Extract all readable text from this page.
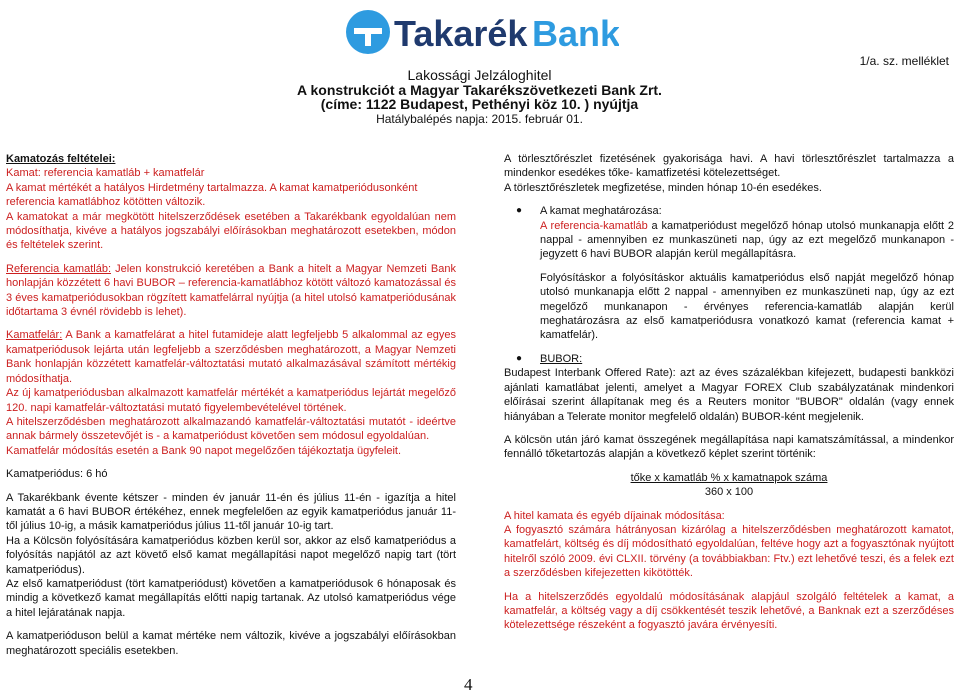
Takarék Bank
1/a. sz. melléklet
Lakossági Jelzáloghitel
A konstrukciót a Magyar Takarékszövetkezeti Bank Zrt.
(címe: 1122 Budapest, Pethényi köz 10. ) nyújtja
Hatálybalépés napja: 2015. február 01.

Kamatozás feltételei:

Kamat: referencia kamatláb + kamatfelár

A kamat mértékét a hatályos Hirdetmény tartalmazza. A kamat kamatperiódusonként referencia kamatlábhoz kötötten változik.

A kamatokat a már megkötött hitelszerződések esetében a Takarékbank egyoldalúan nem módosíthatja, kivéve a hatályos jogszabályi előírásokban meghatározott esetekben, módon és feltételek szerint.

Referencia kamatláb: Jelen konstrukció keretében a Bank a hitelt a Magyar Nemzeti Bank honlapján közzétett 6 havi BUBOR – referencia-kamatlábhoz kötött változó kamatozással és 3 éves kamatperiódusokban rögzített kamatfelárral nyújtja (a hitel utolsó kamatperiódusának időtartama 3 évnél rövidebb is lehet).

Kamatfelár: A Bank a kamatfelárat a hitel futamideje alatt legfeljebb 5 alkalommal az egyes kamatperiódusok lejárta után legfeljebb a szerződésben meghatározott, a Magyar Nemzeti Bank honlapján közzétett kamatfelár-változtatási mutató alkalmazásával számított mértékig módosíthatja.

Az új kamatperiódusban alkalmazott kamatfelár mértékét a kamatperiódus lejártát megelőző 120. napi kamatfelár-változtatási mutató figyelembevételével történek.

A hitelszerződésben meghatározott alkalmazandó kamatfelár-változtatási mutatót - ideértve annak bármely összetevőjét is - a kamatperiódust követően sem módosul egyoldalúan.

Kamatfelár módosítás esetén a Bank 90 napot megelőzően tájékoztatja ügyfeleit.

Kamatperiódus: 6 hó

A Takarékbank évente kétszer - minden év január 11-én és július 11-én - igazítja a hitel kamatát a 6 havi BUBOR értékéhez, ennek megfelelően az egyik kamatperiódus január 11-től július 10-ig, a másik kamatperiódus július 11-től január 10-ig tart.

Ha a Kölcsön folyósítására kamatperiódus közben kerül sor, akkor az első kamatperiódus a folyósítás napjától az azt követő első kamat megállapítási napot megelőző napig tart (tört kamatperiódus).

Az első kamatperiódust (tört kamatperiódust) követően a kamatperiódusok 6 hónaposak és mindig a következő kamat megállapítás előtti napig tartanak. Az utolsó kamatperiódus vége a hitel lejáratának napja.

A kamatperióduson belül a kamat mértéke nem változik, kivéve a jogszabályi előírásokban meghatározott speciális esetekben.

A törlesztőrészlet fizetésének gyakorisága havi. A havi törlesztőrészlet tartalmazza a mindenkor esedékes tőke- kamatfizetési kötelezettséget.

A törlesztőrészletek megfizetése, minden hónap 10-én esedékes.

● A kamat meghatározása:

A referencia-kamatláb a kamatperiódust megelőző hónap utolsó munkanapja előtt 2 nappal - amennyiben ez munkaszüneti nap, úgy az ezt megelőző munkanapon - jegyzett 6 havi BUBOR alapján kerül megállapításra.

Folyósításkor a folyósításkor aktuális kamatperiódus első napját megelőző hónap utolsó munkanapja előtt 2 nappal - amennyiben ez munkaszüneti nap, úgy az ezt megelőző munkanapon - érvényes referencia-kamatláb alapján kerül meghatározásra az első kamatperiódusra vonatkozó kamat (referencia kamat + kamatfelár).

● BUBOR:

Budapest Interbank Offered Rate): azt az éves százalékban kifejezett, budapesti bankközi ajánlati kamatlábat jelenti, amelyet a Magyar FOREX Club szabályzatának mindenkori előírásai szerint állapítanak meg és a Reuters monitor "BUBOR" oldalán (vagy ennek hiányában a Telerate monitor megfelelő oldalán) BUBOR-ként megjelenik.

A kölcsön után járó kamat összegének megállapítása napi kamatszámítással, a mindenkor fennálló tőketartozás alapján a következő képlet szerint történik:

tőke x kamatláb % x kamatnapok száma

360 x 100

A hitel kamata és egyéb díjainak módosítása:

A fogyasztó számára hátrányosan kizárólag a hitelszerződésben meghatározott kamatot, kamatfelárt, költség és díj módosítható egyoldalúan, feltéve hogy azt a fogyasztónak nyújtott hitelről szóló 2009. évi CLXII. törvény (a továbbiakban: Ftv.) ezt lehetővé teszi, és a felek ezt a szerződésben kifejezetten kikötötték.

Ha a hitelszerződés egyoldalú módosításának alapjául szolgáló feltételek a kamat, a kamatfelár, a költség vagy a díj csökkentését teszik lehetővé, a Banknak ezt a szerződéses kötelezettsége részeként a fogyasztó javára érvényesíti.

4
